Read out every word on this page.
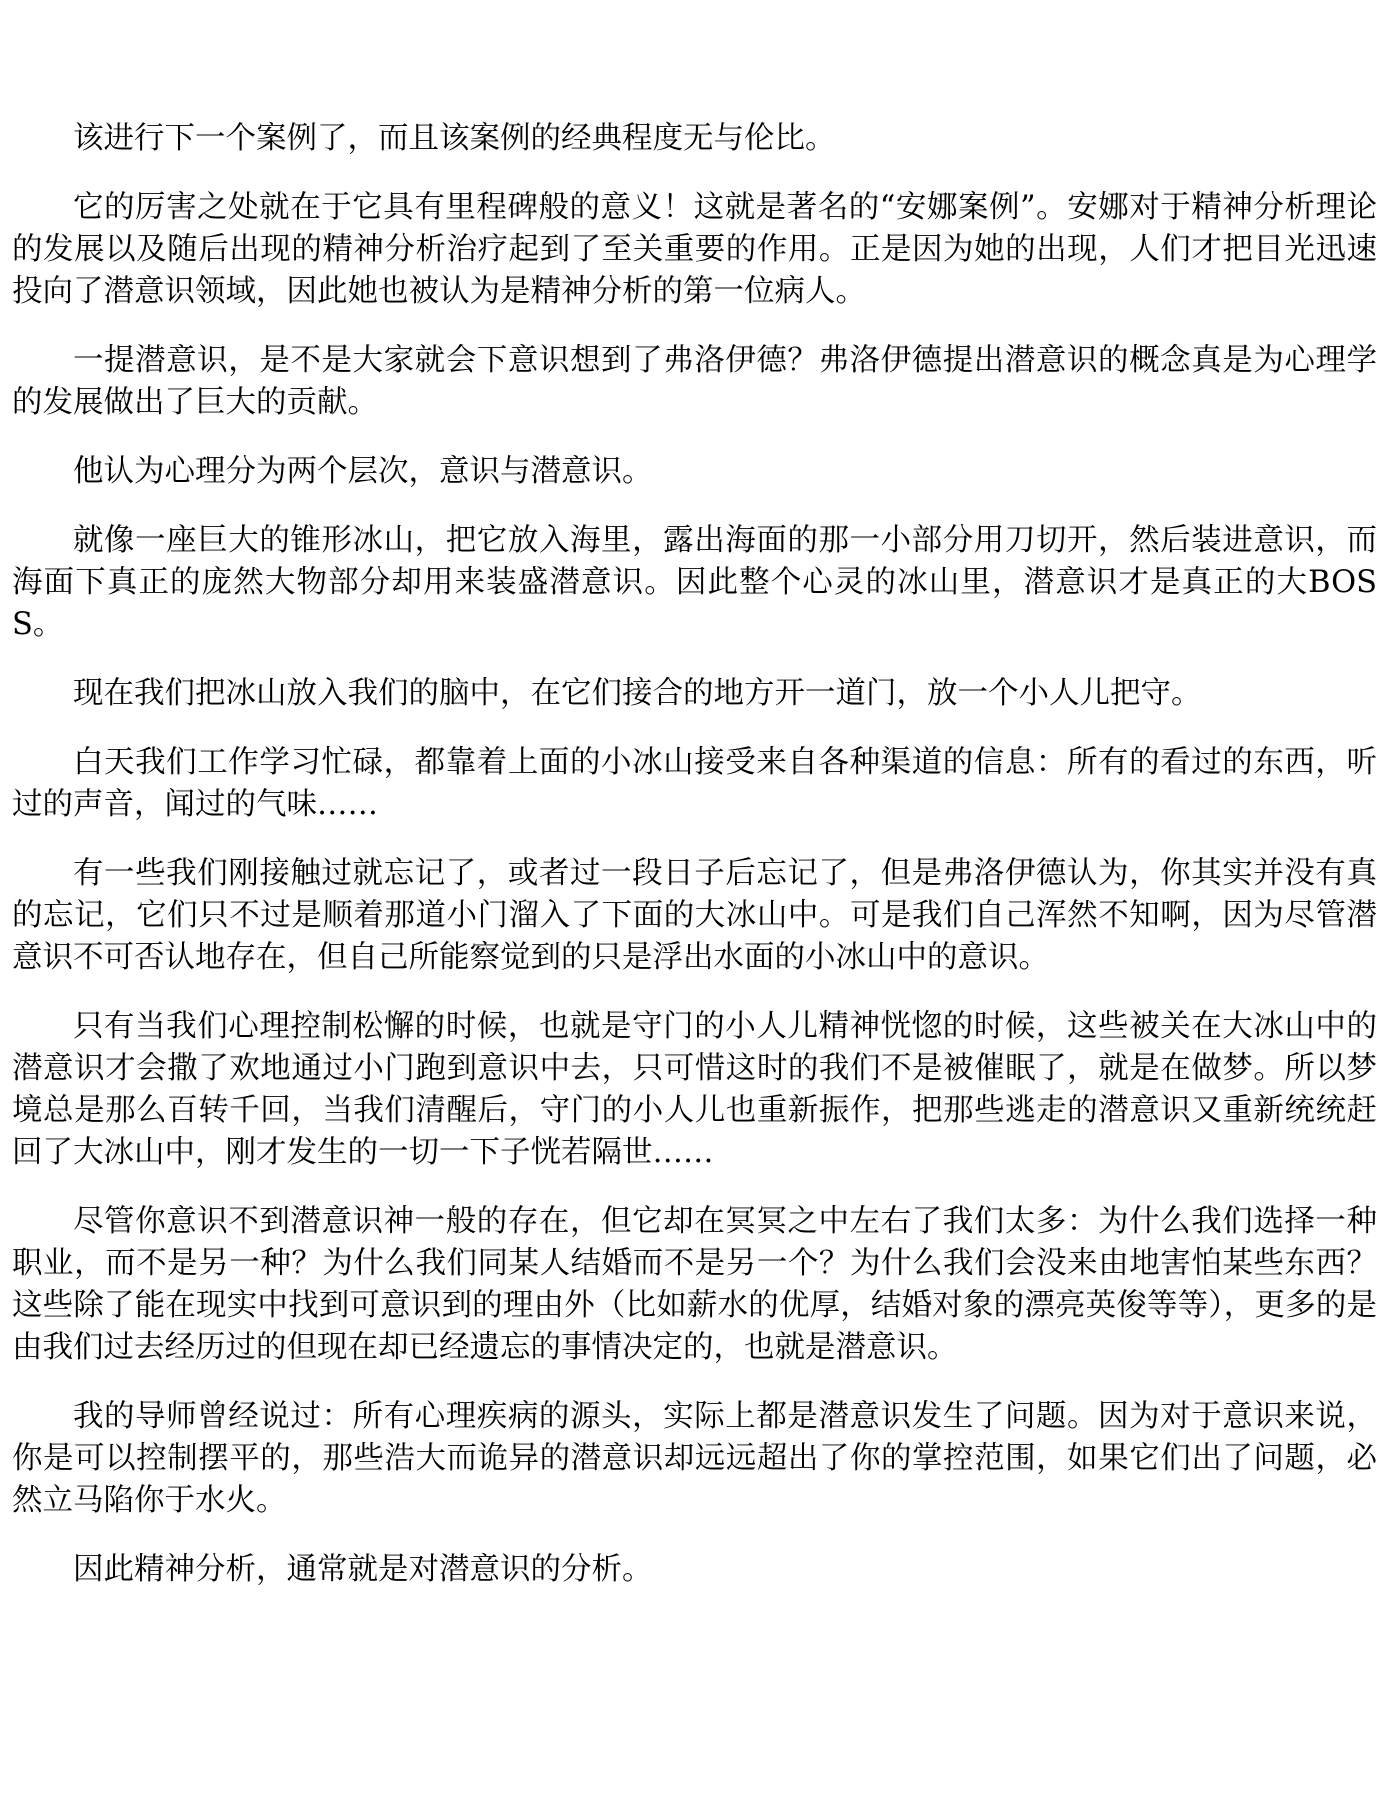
该进行下一个案例了，而且该案例的经典程度无与伦比。

它的厉害之处就在于它具有里程碑般的意义！这就是著名的“安娜案例”。安娜对于精神分析理论的发展以及随后出现的精神分析治疗起到了至关重要的作用。正是因为她的出现，人们才把目光迅速投向了潜意识领域，因此她也被认为是精神分析的第一位病人。

一提潜意识，是不是大家就会下意识想到了弗洛伊德？弗洛伊德提出潜意识的概念真是为心理学的发展做出了巨大的贡献。

他认为心理分为两个层次，意识与潜意识。

就像一座巨大的锥形冰山，把它放入海里，露出海面的那一小部分用刀切开，然后装进意识，而海面下真正的庞然大物部分却用来装盛潜意识。因此整个心灵的冰山里，潜意识才是真正的大BOSS。

现在我们把冰山放入我们的脑中，在它们接合的地方开一道门，放一个小人儿把守。

白天我们工作学习忙碌，都靠着上面的小冰山接受来自各种渠道的信息：所有的看过的东西，听过的声音，闻过的气味……

有一些我们刚接触过就忘记了，或者过一段日子后忘记了，但是弗洛伊德认为，你其实并没有真的忘记，它们只不过是顺着那道小门溜入了下面的大冰山中。可是我们自己浑然不知啊，因为尽管潜意识不可否认地存在，但自己所能察觉到的只是浮出水面的小冰山中的意识。

只有当我们心理控制松懈的时候，也就是守门的小人儿精神恍惚的时候，这些被关在大冰山中的潜意识才会撒了欢地通过小门跑到意识中去，只可惜这时的我们不是被催眠了，就是在做梦。所以梦境总是那么百转千回，当我们清醒后，守门的小人儿也重新振作，把那些逃走的潜意识又重新统统赶回了大冰山中，刚才发生的一切一下子恍若隔世……

尽管你意识不到潜意识神一般的存在，但它却在冥冥之中左右了我们太多：为什么我们选择一种职业，而不是另一种？为什么我们同某人结婚而不是另一个？为什么我们会没来由地害怕某些东西？这些除了能在现实中找到可意识到的理由外（比如薪水的优厚，结婚对象的漂亮英俊等等），更多的是由我们过去经历过的但现在却已经遗忘的事情决定的，也就是潜意识。

我的导师曾经说过：所有心理疾病的源头，实际上都是潜意识发生了问题。因为对于意识来说，你是可以控制摆平的，那些浩大而诡异的潜意识却远远超出了你的掌控范围，如果它们出了问题，必然立马陷你于水火。

因此精神分析，通常就是对潜意识的分析。
